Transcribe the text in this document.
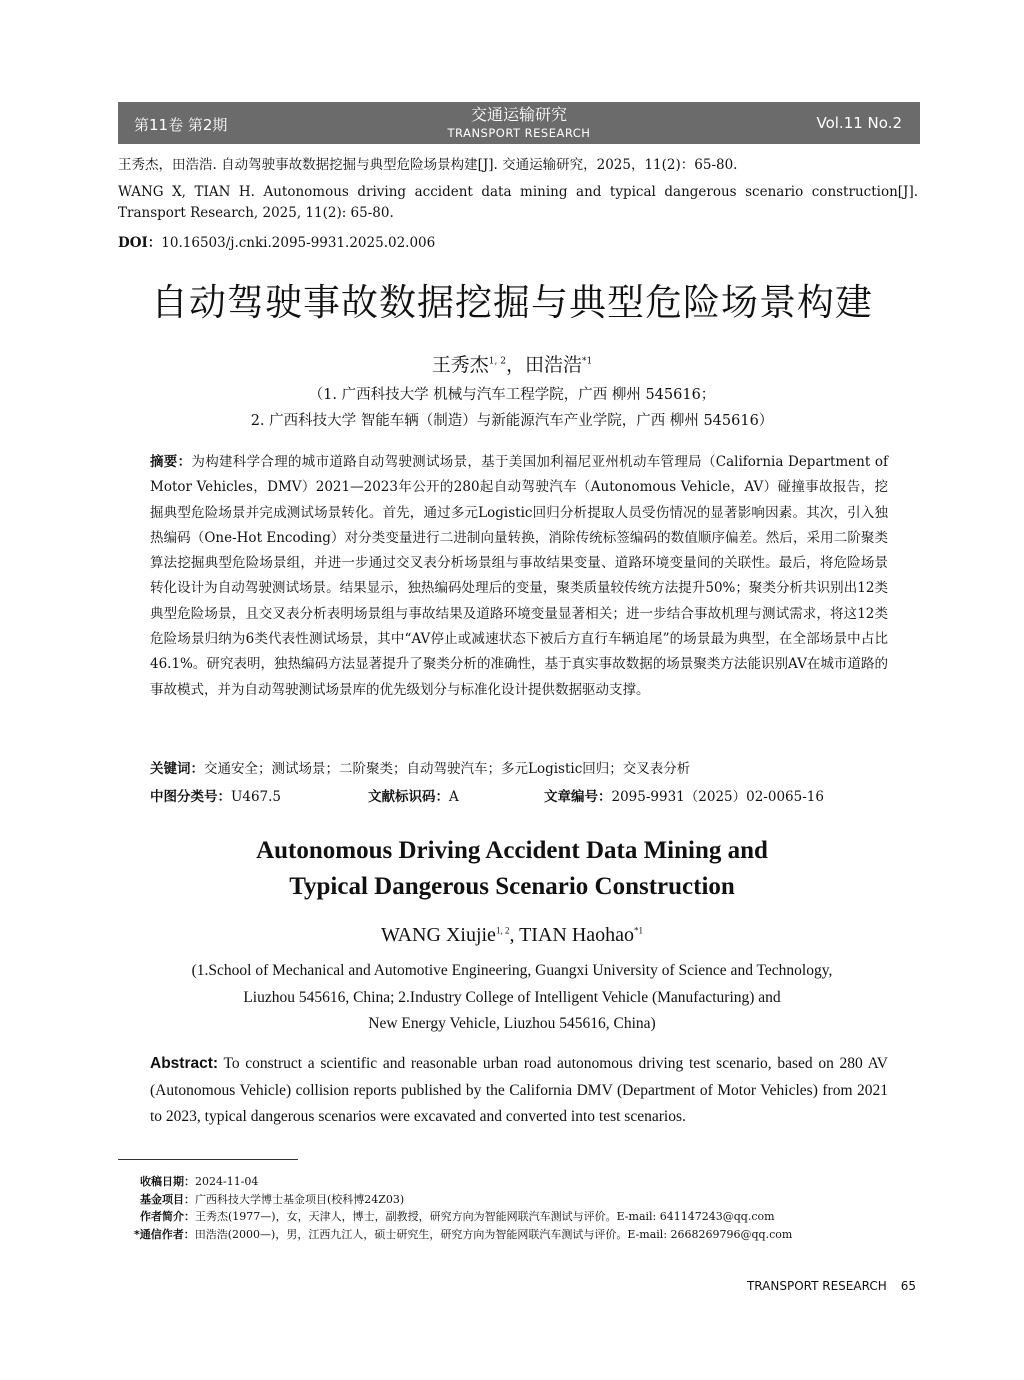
第11卷 第2期
交通运输研究
TRANSPORT RESEARCH
Vol.11 No.2
王秀杰，田浩浩. 自动驾驶事故数据挖掘与典型危险场景构建[J]. 交通运输研究，2025，11(2)：65-80.
WANG X, TIAN H. Autonomous driving accident data mining and typical dangerous scenario construction[J]. Transport Research, 2025, 11(2): 65-80.
DOI：10.16503/j.cnki.2095-9931.2025.02.006
自动驾驶事故数据挖掘与典型危险场景构建
王秀杰$^{1, 2}$，田浩浩$^{*1}$
（1. 广西科技大学 机械与汽车工程学院，广西 柳州 545616；
2. 广西科技大学 智能车辆（制造）与新能源汽车产业学院，广西 柳州 545616）
摘要：为构建科学合理的城市道路自动驾驶测试场景，基于美国加利福尼亚州机动车管理局（California Department of Motor Vehicles，DMV）2021—2023年公开的280起自动驾驶汽车（Autonomous Vehicle，AV）碰撞事故报告，挖掘典型危险场景并完成测试场景转化。首先，通过多元Logistic回归分析提取人员受伤情况的显著影响因素。其次，引入独热编码（One-Hot Encoding）对分类变量进行二进制向量转换，消除传统标签编码的数值顺序偏差。然后，采用二阶聚类算法挖掘典型危险场景组，并进一步通过交叉表分析场景组与事故结果变量、道路环境变量间的关联性。最后，将危险场景转化设计为自动驾驶测试场景。结果显示，独热编码处理后的变量，聚类质量较传统方法提升50%；聚类分析共识别出12类典型危险场景，且交叉表分析表明场景组与事故结果及道路环境变量显著相关；进一步结合事故机理与测试需求，将这12类危险场景归纳为6类代表性测试场景，其中“AV停止或减速状态下被后方直行车辆追尾”的场景最为典型，在全部场景中占比46.1%。研究表明，独热编码方法显著提升了聚类分析的准确性，基于真实事故数据的场景聚类方法能识别AV在城市道路的事故模式，并为自动驾驶测试场景库的优先级划分与标准化设计提供数据驱动支撑。
关键词：交通安全；测试场景；二阶聚类；自动驾驶汽车；多元Logistic回归；交叉表分析
中图分类号：U467.5	文献标识码：A	文章编号：2095-9931（2025）02-0065-16
Autonomous Driving Accident Data Mining and
Typical Dangerous Scenario Construction
WANG Xiujie$^{1, 2}$, TIAN Haohao$^{*1}$
(1.School of Mechanical and Automotive Engineering, Guangxi University of Science and Technology,
Liuzhou 545616, China; 2.Industry College of Intelligent Vehicle (Manufacturing) and
New Energy Vehicle, Liuzhou 545616, China)
Abstract: To construct a scientific and reasonable urban road autonomous driving test scenario, based on 280 AV (Autonomous Vehicle) collision reports published by the California DMV (Department of Motor Vehicles) from 2021 to 2023, typical dangerous scenarios were excavated and converted into test scenarios.
收稿日期：2024-11-04
基金项目：广西科技大学博士基金项目(校科博24Z03)
作者简介：王秀杰(1977—)，女，天津人，博士，副教授，研究方向为智能网联汽车测试与评价。E-mail: 641147243@qq.com
*通信作者：田浩浩(2000—)，男，江西九江人，硕士研究生，研究方向为智能网联汽车测试与评价。E-mail: 2668269796@qq.com
TRANSPORT RESEARCH 65
